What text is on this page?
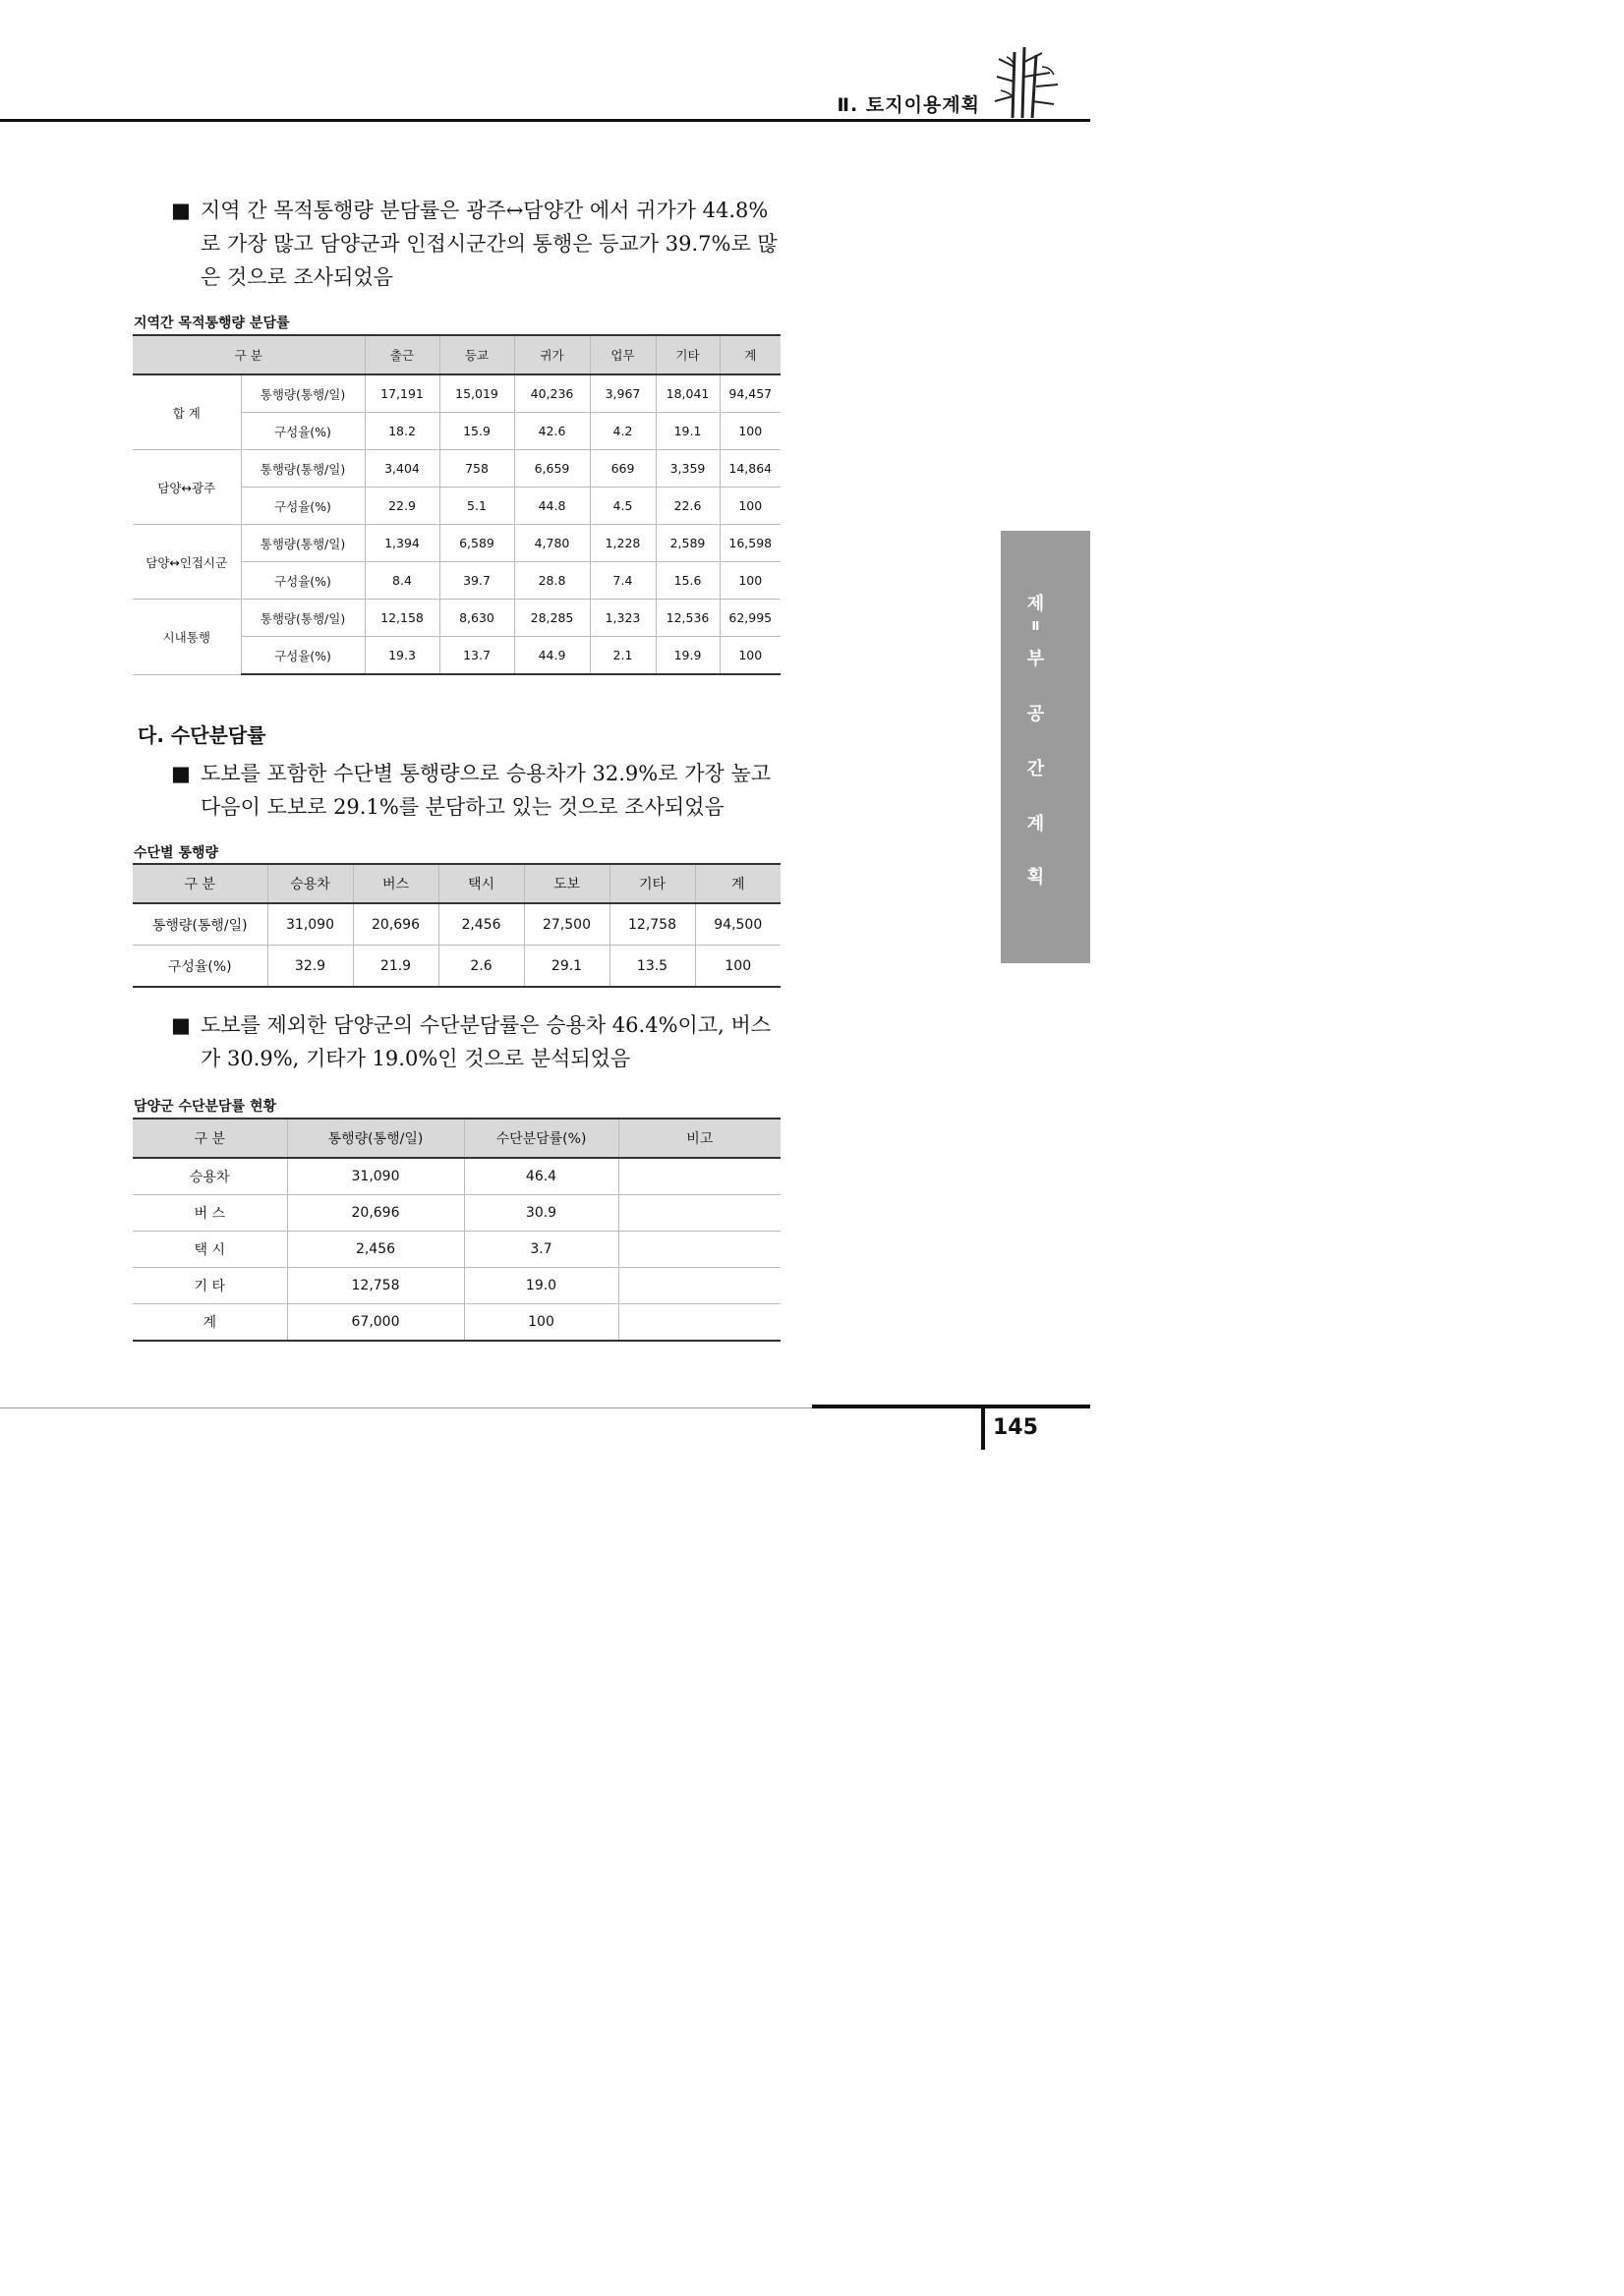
Ⅱ. 토지이용계획
■ 지역 간 목적통행량 분담률은 광주↔담양간 에서 귀가가 44.8%로 가장 많고 담양군과 인접시군간의 통행은 등교가 39.7%로 많은 것으로 조사되었음
지역간 목적통행량 분담률
구 분		출근	등교	귀가	업무	기타	계
합 계	통행량(통행/일)	17,191	15,019	40,236	3,967	18,041	94,457
	구성율(%)	18.2	15.9	42.6	4.2	19.1	100
담양↔광주	통행량(통행/일)	3,404	758	6,659	669	3,359	14,864
	구성율(%)	22.9	5.1	44.8	4.5	22.6	100
담양↔인접시군	통행량(통행/일)	1,394	6,589	4,780	1,228	2,589	16,598
	구성율(%)	8.4	39.7	28.8	7.4	15.6	100
시내통행	통행량(통행/일)	12,158	8,630	28,285	1,323	12,536	62,995
	구성율(%)	19.3	13.7	44.9	2.1	19.9	100
다. 수단분담률
■ 도보를 포함한 수단별 통행량으로 승용차가 32.9%로 가장 높고 다음이 도보로 29.1%를 분담하고 있는 것으로 조사되었음
수단별 통행량
구 분	승용차	버스	택시	도보	기타	계
통행량(통행/일)	31,090	20,696	2,456	27,500	12,758	94,500
구성율(%)	32.9	21.9	2.6	29.1	13.5	100
■ 도보를 제외한 담양군의 수단분담률은 승용차 46.4%이고, 버스가 30.9%, 기타가 19.0%인 것으로 분석되었음
담양군 수단분담률 현황
구 분	통행량(통행/일)	수단분담률(%)	비고
승용차	31,090	46.4	
버 스	20,696	30.9	
택 시	2,456	3.7	
기 타	12,758	19.0	
계	67,000	100	
제
Ⅱ
부
공
간
계
획
145
